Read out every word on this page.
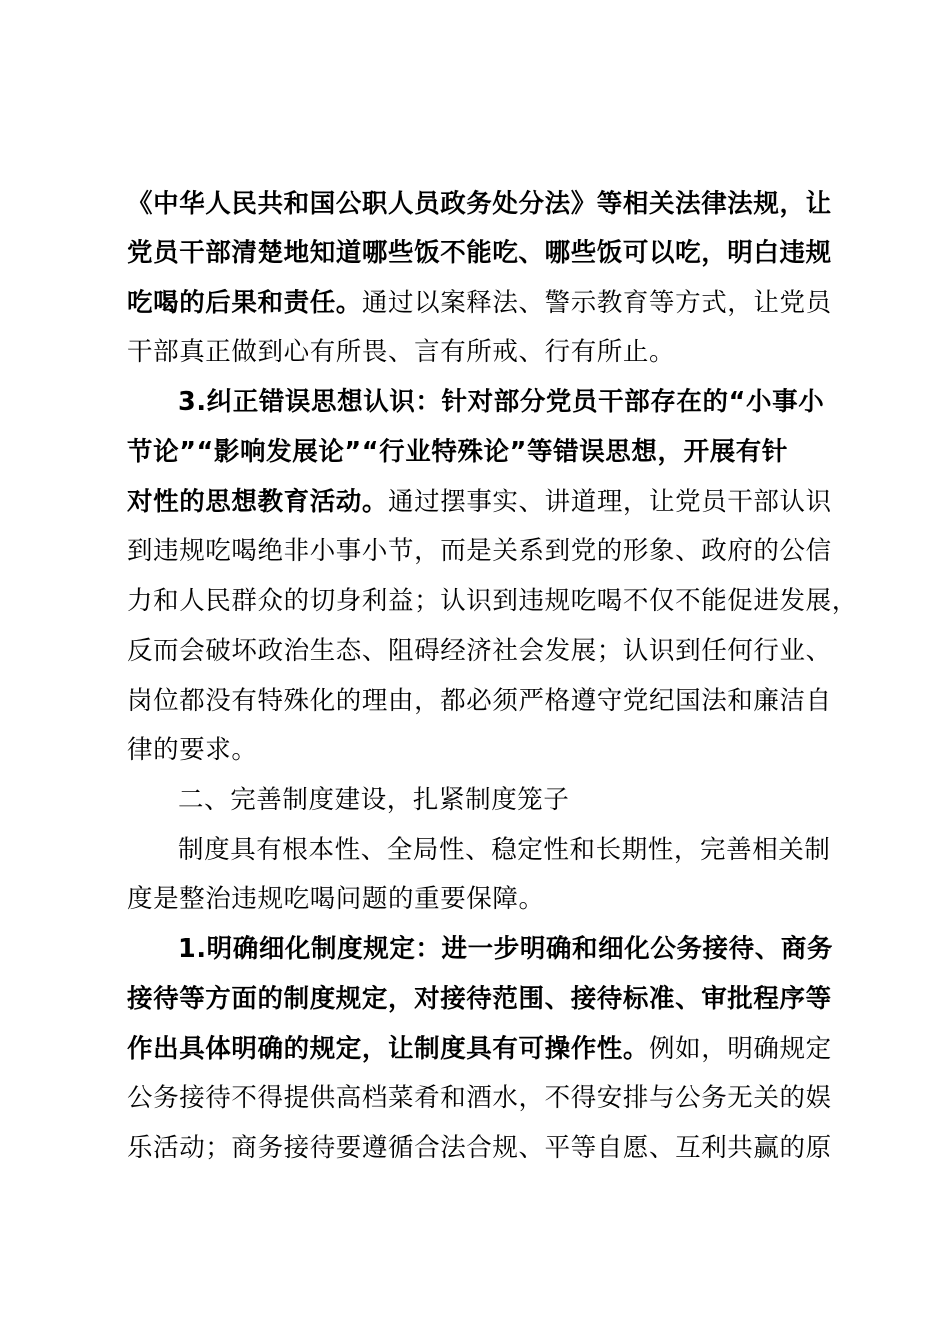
《中华人民共和国公职人员政务处分法》等相关法律法规，让
党员干部清楚地知道哪些饭不能吃、哪些饭可以吃，明白违规
吃喝的后果和责任。通过以案释法、警示教育等方式，让党员
干部真正做到心有所畏、言有所戒、行有所止。
3.纠正错误思想认识：针对部分党员干部存在的“小事小
节论”“影响发展论”“行业特殊论”等错误思想，开展有针
对性的思想教育活动。通过摆事实、讲道理，让党员干部认识
到违规吃喝绝非小事小节，而是关系到党的形象、政府的公信
力和人民群众的切身利益；认识到违规吃喝不仅不能促进发展，
反而会破坏政治生态、阻碍经济社会发展；认识到任何行业、
岗位都没有特殊化的理由，都必须严格遵守党纪国法和廉洁自
律的要求。
二、完善制度建设，扎紧制度笼子
制度具有根本性、全局性、稳定性和长期性，完善相关制
度是整治违规吃喝问题的重要保障。
1.明确细化制度规定：进一步明确和细化公务接待、商务
接待等方面的制度规定，对接待范围、接待标准、审批程序等
作出具体明确的规定，让制度具有可操作性。例如，明确规定
公务接待不得提供高档菜肴和酒水，不得安排与公务无关的娱
乐活动；商务接待要遵循合法合规、平等自愿、互利共赢的原
